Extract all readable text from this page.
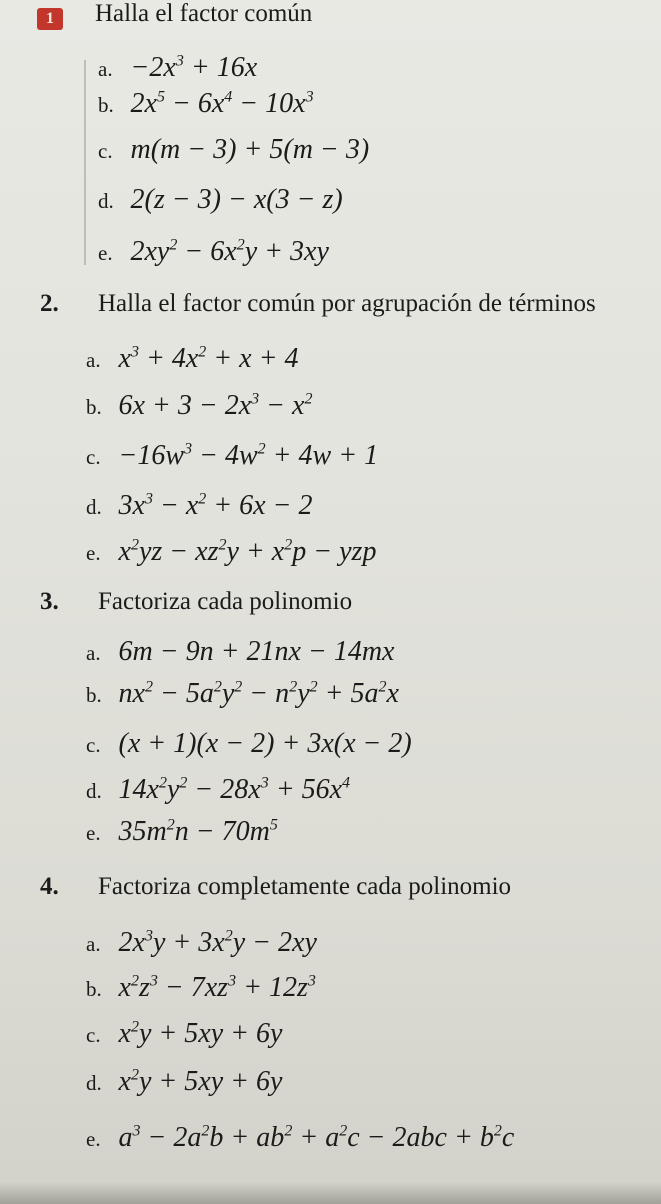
1	Halla el factor común
a. $-2x^3 + 16x$
b. $2x^5 - 6x^4 - 10x^3$
c. m(m − 3) + 5(m − 3)
d. 2(z − 3) − x(3 − z)
e. $2xy^2 - 6x^2y + 3xy$
2. Halla el factor común por agrupación de términos
a. $x^3 + 4x^2 + x + 4$
b. $6x + 3 - 2x^3 - x^2$
c. $-16w^3 - 4w^2 + 4w + 1$
d. $3x^3 - x^2 + 6x - 2$
e. $x^2yz - xz^2y + x^2p$ − yzp
3. Factoriza cada polinomio
a. 6m − 9n + 21nx − 14mx
b. $nx^2 - 5a^2y^2 - n^2y^2 + 5a^2x$
c. (x + 1)(x − 2) + 3x(x − 2)
d. $14x^2y^2 - 28x^3 + 56x^4$
e. $35m^2n - 70m^5$
4. Factoriza completamente cada polinomio
a. $2x^3y + 3x^2y - 2xy$
b. $x^2z^3 - 7xz^3 + 12z^3$
c. $x^2y + 5xy + 6y$
d. $x^2y + 5xy + 6y$
e. $a^3 - 2a^2b + ab^2 + a^2c - 2abc + b^2c$
